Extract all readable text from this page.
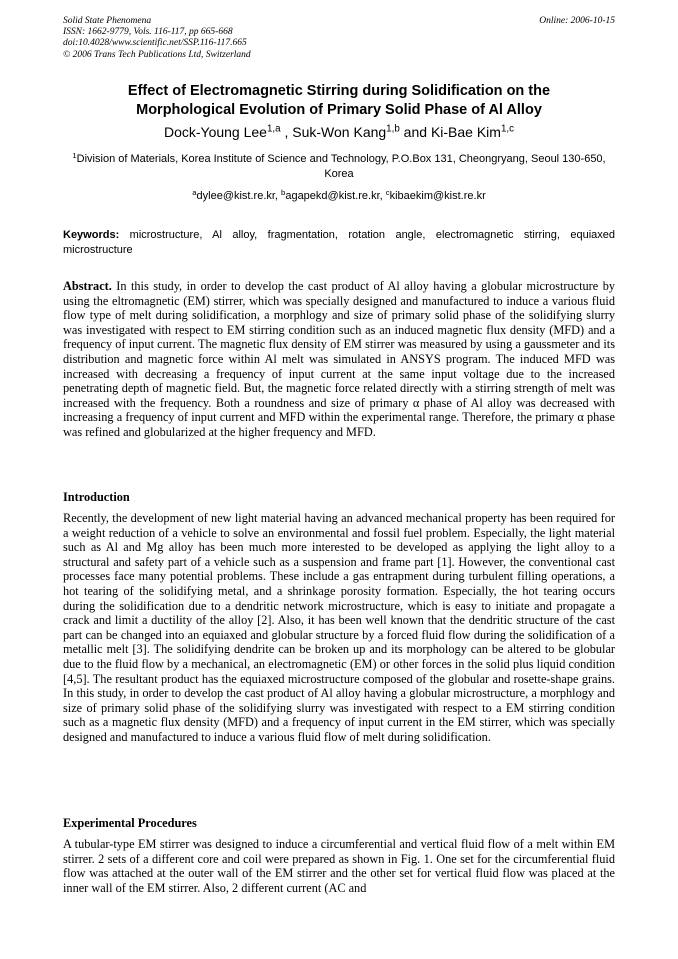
Solid State Phenomena
ISSN: 1662-9779, Vols. 116-117, pp 665-668
doi:10.4028/www.scientific.net/SSP.116-117.665
© 2006 Trans Tech Publications Ltd, Switzerland
Online: 2006-10-15
Effect of Electromagnetic Stirring during Solidification on the
Morphological Evolution of Primary Solid Phase of Al Alloy
Dock-Young Lee$^{1,a}$ , Suk-Won Kang$^{1,b}$ and Ki-Bae Kim$^{1,c}$
$^1$Division of Materials, Korea Institute of Science and Technology, P.O.Box 131, Cheongryang, Seoul 130-650, Korea
$^a$dylee@kist.re.kr, $^b$agapekd@kist.re.kr, $^c$kibaekim@kist.re.kr
Keywords: microstructure, Al alloy, fragmentation, rotation angle, electromagnetic stirring, equiaxed microstructure
Abstract. In this study, in order to develop the cast product of Al alloy having a globular microstructure by using the eltromagnetic (EM) stirrer, which was specially designed and manufactured to induce a various fluid flow type of melt during solidification, a morphlogy and size of primary solid phase of the solidifying slurry was investigated with respect to EM stirring condition such as an induced magnetic flux density (MFD) and a frequency of input current. The magnetic flux density of EM stirrer was measured by using a gaussmeter and its distribution and magnetic force within Al melt was simulated in ANSYS program. The induced MFD was increased with decreasing a frequency of input current at the same input voltage due to the increased penetrating depth of magnetic field. But, the magnetic force related directly with a stirring strength of melt was increased with the frequency. Both a roundness and size of primary α phase of Al alloy was decreased with increasing a frequency of input current and MFD within the experimental range. Therefore, the primary α phase was refined and globularized at the higher frequency and MFD.
Introduction
Recently, the development of new light material having an advanced mechanical property has been required for a weight reduction of a vehicle to solve an environmental and fossil fuel problem. Especially, the light material such as Al and Mg alloy has been much more interested to be developed as applying the light alloy to a structural and safety part of a vehicle such as a suspension and frame part [1]. However, the conventional cast processes face many potential problems. These include a gas entrapment during turbulent filling operations, a hot tearing of the solidifying metal, and a shrinkage porosity formation. Especially, the hot tearing occurs during the solidification due to a dendritic network microstructure, which is easy to initiate and propagate a crack and limit a ductility of the alloy [2]. Also, it has been well known that the dendritic structure of the cast part can be changed into an equiaxed and globular structure by a forced fluid flow during the solidification of a metallic melt [3]. The solidifying dendrite can be broken up and its morphology can be altered to be globular due to the fluid flow by a mechanical, an electromagnetic (EM) or other forces in the solid plus liquid condition [4,5]. The resultant product has the equiaxed microstructure composed of the globular and rosette-shape grains. In this study, in order to develop the cast product of Al alloy having a globular microstructure, a morphlogy and size of primary solid phase of the solidifying slurry was investigated with respect to a EM stirring condition such as a magnetic flux density (MFD) and a frequency of input current in the EM stirrer, which was specially designed and manufactured to induce a various fluid flow of melt during solidification.
Experimental Procedures
A tubular-type EM stirrer was designed to induce a circumferential and vertical fluid flow of a melt within EM stirrer. 2 sets of a different core and coil were prepared as shown in Fig. 1. One set for the circumferential fluid flow was attached at the outer wall of the EM stirrer and the other set for vertical fluid flow was placed at the inner wall of the EM stirrer. Also, 2 different current (AC and
